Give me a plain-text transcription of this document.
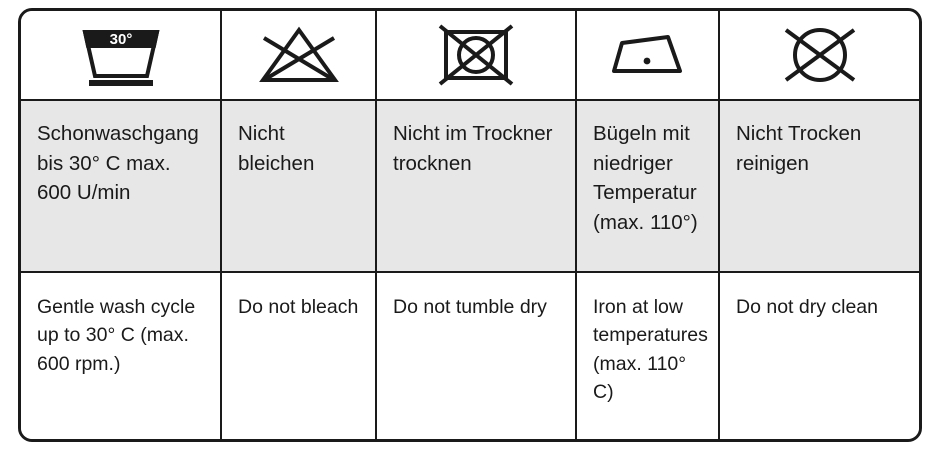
30°

Schonwaschgang bis 30° C max. 600 U/min	Nicht bleichen	Nicht im Trockner trocknen	Bügeln mit niedriger Temperatur (max. 110°)	Nicht Trocken reinigen

Gentle wash cycle up to 30° C (max. 600 rpm.)	Do not bleach	Do not tumble dry	Iron at low temperatures (max. 110° C)	Do not dry clean
